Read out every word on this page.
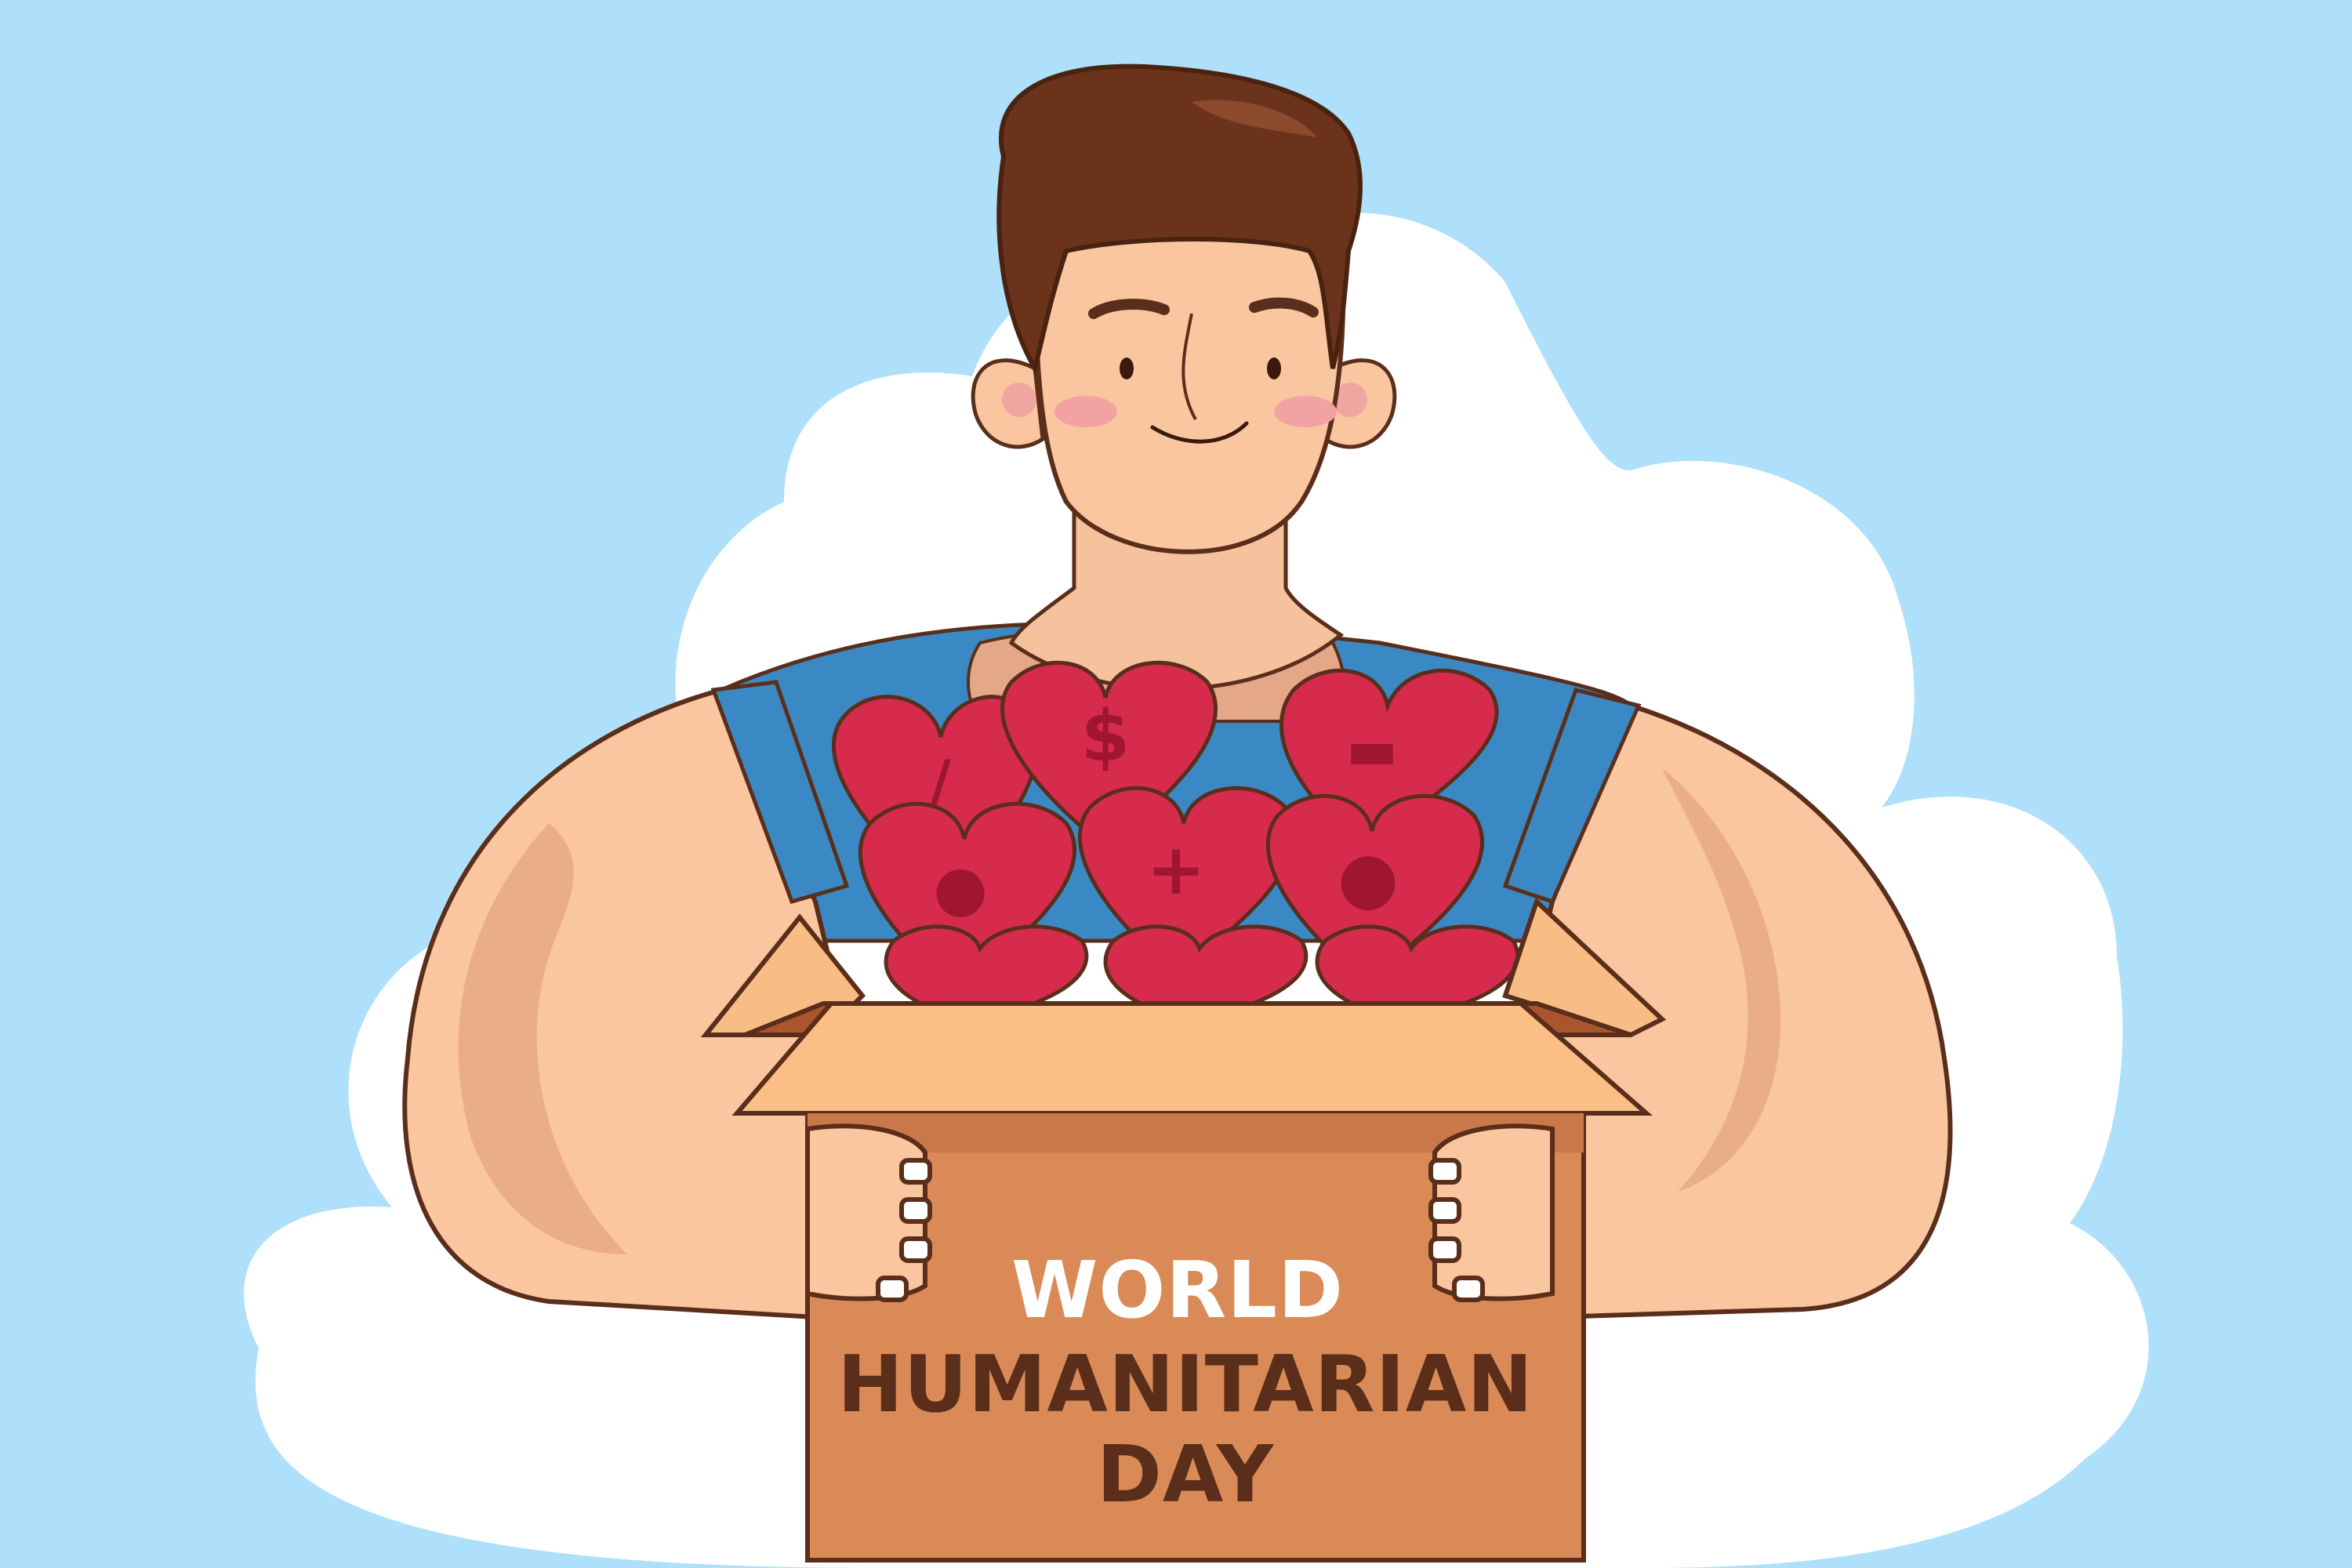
$
+ ●
●
▬
/
WORLD
HUMANITARIAN
DAY
